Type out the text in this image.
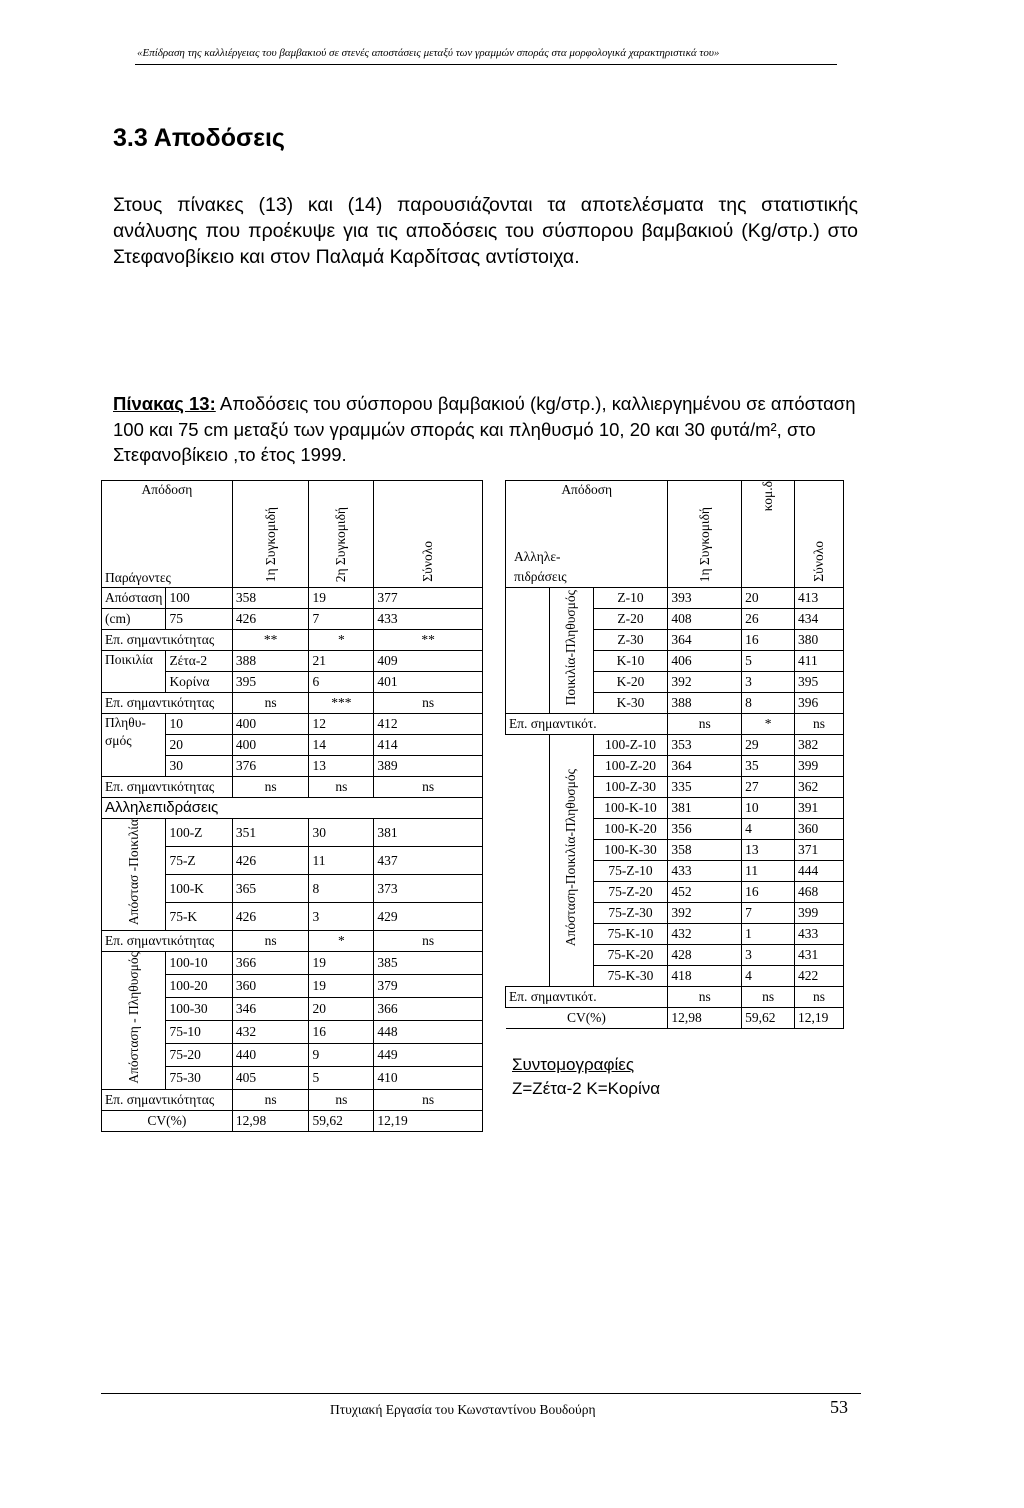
«Επίδραση της καλλιέργειας του βαμβακιού σε στενές αποστάσεις μεταξύ των γραμμών σποράς στα μορφολογικά χαρακτηριστικά του»
3.3 Αποδόσεις
Στους πίνακες (13) και (14) παρουσιάζονται τα αποτελέσματα της στατιστικής ανάλυσης που προέκυψε για τις αποδόσεις του σύσπορου βαμβακιού (Kg/στρ.) στο Στεφανοβίκειο και στον Παλαμά Καρδίτσας αντίστοιχα.
Πίνακας 13: Αποδόσεις του σύσπορου βαμβακιού (kg/στρ.), καλλιεργημένου σε απόσταση 100 και 75 cm μεταξύ των γραμμών σποράς και πληθυσμό 10, 20 και 30 φυτά/m², στο Στεφανοβίκειο ,το έτος 1999.
Απόδοση
Παράγοντες		1η Συγκομιδή	2η Συγκομιδή	Σύνολο
Απόσταση	100	358	19	377
(cm)	75	426	7	433
Επ. σημαντικότητας		**	*	**
Ποικιλία	Ζέτα-2	388	21	409
	Κορίνα	395	6	401
Επ. σημαντικότητας		ns	***	ns
Πληθυ-σμός	10	400	12	412
	20	400	14	414
	30	376	13	389
Επ. σημαντικότητας		ns	ns	ns
Αλληλεπιδράσεις				
Απόστασ -Ποικιλία	100-Ζ	351	30	381
	75-Ζ	426	11	437
	100-Κ	365	8	373
	75-Κ	426	3	429
Επ. σημαντικότητας		ns	*	ns
Απόσταση - Πληθυσμός	100-10	366	19	385
	100-20	360	19	379
	100-30	346	20	366
	75-10	432	16	448
	75-20	440	9	449
	75-30	405	5	410
Επ. σημαντικότητας		ns	ns	ns
CV(%)		12,98	59,62	12,19
Απόδοση
Αλληλε-πιδράσεις			1η Συγκομιδή	κομ.δ	Σύνολο
	Ποικιλία-Πληθυσμός	Ζ-10	393	20	413
		Ζ-20	408	26	434
		Ζ-30	364	16	380
		Κ-10	406	5	411
		Κ-20	392	3	395
		Κ-30	388	8	396
Επ. σημαντικότ.			ns	*	ns
	Απόσταση-Ποικιλία-Πληθυσμός	100-Ζ-10	353	29	382
		100-Ζ-20	364	35	399
		100-Ζ-30	335	27	362
		100-Κ-10	381	10	391
		100-Κ-20	356	4	360
		100-Κ-30	358	13	371
		75-Ζ-10	433	11	444
		75-Ζ-20	452	16	468
		75-Ζ-30	392	7	399
		75-Κ-10	432	1	433
		75-Κ-20	428	3	431
		75-Κ-30	418	4	422
Επ. σημαντικότ.			ns	ns	ns
CV(%)			12,98	59,62	12,19
Συντομογραφίες
Ζ=Ζέτα-2 Κ=Κορίνα
Πτυχιακή Εργασία του Κωνσταντίνου Βουδούρη	53
